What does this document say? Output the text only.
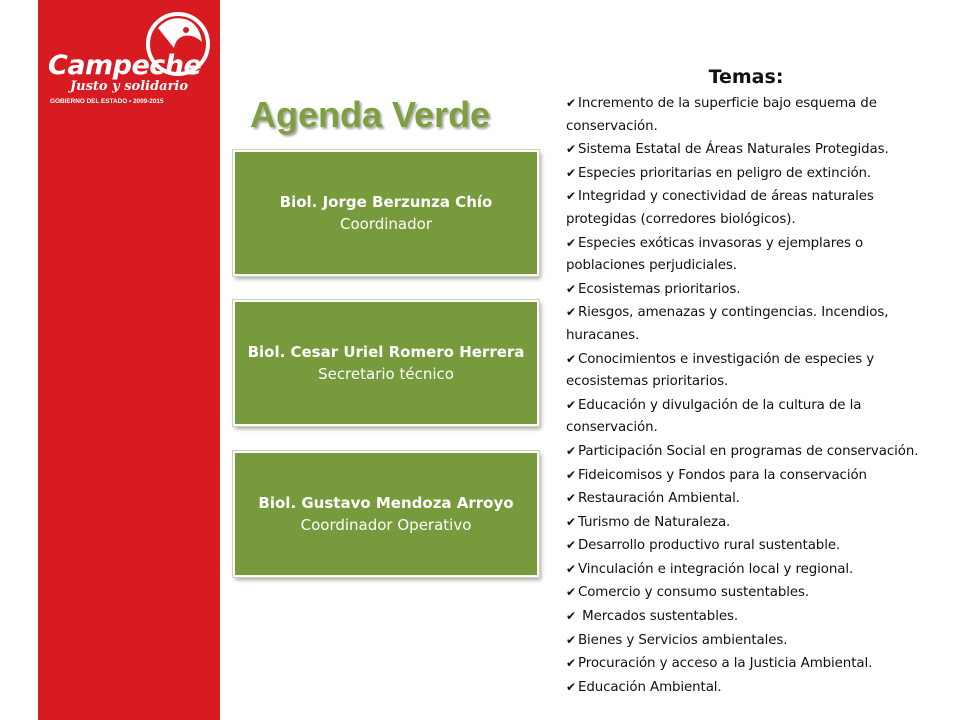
Campeche
Justo y solidario
GOBIERNO DEL ESTADO • 2009-2015 Agenda Verde
Biol. Jorge Berzunza Chío
Coordinador
Biol. Cesar Uriel Romero Herrera
Secretario técnico
Biol. Gustavo Mendoza Arroyo
Coordinador Operativo
Temas:
✔ Incremento de la superficie bajo esquema de conservación.
✔ Sistema Estatal de Áreas Naturales Protegidas.
✔ Especies prioritarias en peligro de extinción.
✔ Integridad y conectividad de áreas naturales protegidas (corredores biológicos).
✔ Especies exóticas invasoras y ejemplares o poblaciones perjudiciales.
✔ Ecosistemas prioritarios.
✔ Riesgos, amenazas y contingencias. Incendios, huracanes.
✔ Conocimientos e investigación de especies y ecosistemas prioritarios.
✔ Educación y divulgación de la cultura de la conservación.
✔ Participación Social en programas de conservación.
✔ Fideicomisos y Fondos para la conservación
✔ Restauración Ambiental.
✔ Turismo de Naturaleza.
✔ Desarrollo productivo rural sustentable.
✔ Vinculación e integración local y regional.
✔ Comercio y consumo sustentables.
✔ Mercados sustentables.
✔ Bienes y Servicios ambientales.
✔ Procuración y acceso a la Justicia Ambiental.
✔ Educación Ambiental.
